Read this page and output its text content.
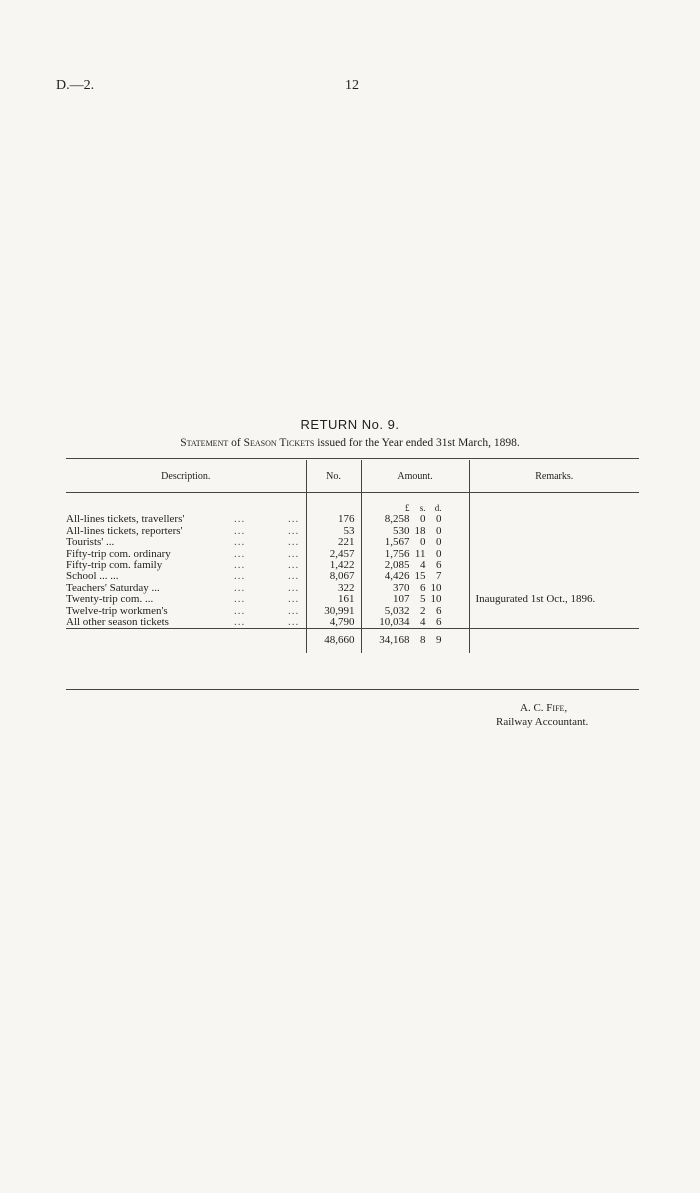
D.—2.	12
RETURN No. 9.
Statement of Season Tickets issued for the Year ended 31st March, 1898.
Description.	No.	Amount.	Remarks.

		£ s. d.	

All-lines tickets, travellers' ... ...	176	8,258 0 0	

All-lines tickets, reporters' ... ...	53	530 18 0	

Tourists' ... ... ...	221	1,567 0 0	

Fifty-trip com. ordinary ... ...	2,457	1,756 11 0	

Fifty-trip com. family ... ...	1,422	2,085 4 6	

School ... ... ... ...	8,067	4,426 15 7	

Teachers' Saturday ... ... ...	322	370 6 10	

Twenty-trip com. ... ... ...	161	107 5 10	Inaugurated 1st Oct., 1896.
Twelve-trip workmen's ... ...	30,991	5,032 2 6	

All other season tickets ... ...	4,790	10,034 4 6	

	48,660	34,168 8 9	

A. C. Fife,
Railway Accountant.
